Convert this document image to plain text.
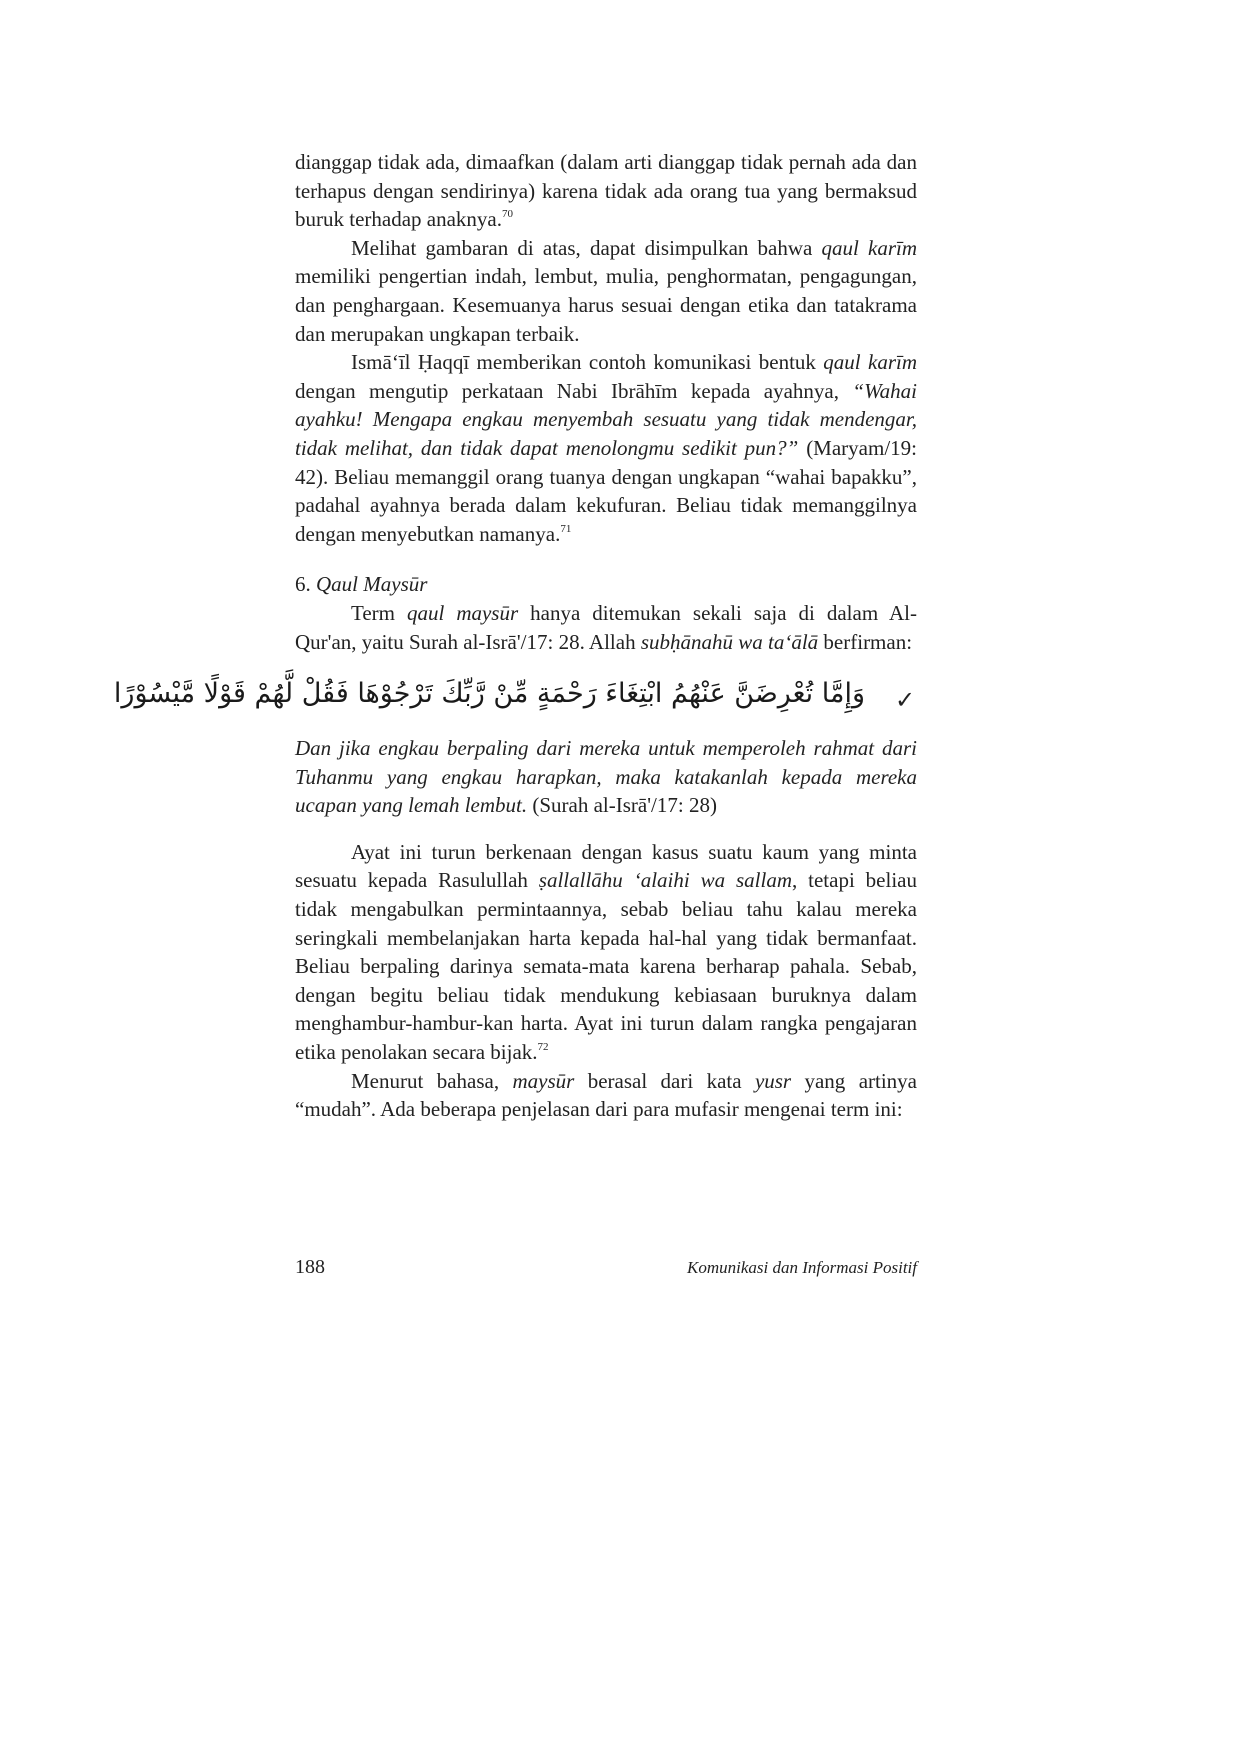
dianggap tidak ada, dimaafkan (dalam arti dianggap tidak pernah ada dan terhapus dengan sendirinya) karena tidak ada orang tua yang bermaksud buruk terhadap anaknya.$^{70}$

Melihat gambaran di atas, dapat disimpulkan bahwa qaul karīm memiliki pengertian indah, lembut, mulia, penghormatan, pengagungan, dan penghargaan. Kesemuanya harus sesuai dengan etika dan tatakrama dan merupakan ungkapan terbaik.

Ismā‘īl Ḥaqqī memberikan contoh komunikasi bentuk qaul karīm dengan mengutip perkataan Nabi Ibrāhīm kepada ayahnya, “Wahai ayahku! Mengapa engkau menyembah sesuatu yang tidak mendengar, tidak melihat, dan tidak dapat menolongmu sedikit pun?” (Maryam/19: 42). Beliau memanggil orang tuanya dengan ungkapan “wahai bapakku”, padahal ayahnya berada dalam kekufuran. Beliau tidak memanggilnya dengan menyebutkan namanya.$^{71}$

6. Qaul Maysūr

Term qaul maysūr hanya ditemukan sekali saja di dalam Al-Qur'an, yaitu Surah al-Isrā'/17: 28. Allah subḥānahū wa ta‘ālā berfirman:

وَإِمَّا تُعْرِضَنَّ عَنْهُمُ ابْتِغَاءَ رَحْمَةٍ مِّنْ رَّبِّكَ تَرْجُوْهَا فَقُلْ لَّهُمْ قَوْلًا مَّيْسُوْرًا ✓

Dan jika engkau berpaling dari mereka untuk memperoleh rahmat dari Tuhanmu yang engkau harapkan, maka katakanlah kepada mereka ucapan yang lemah lembut. (Surah al-Isrā'/17: 28)

Ayat ini turun berkenaan dengan kasus suatu kaum yang minta sesuatu kepada Rasulullah ṣallallāhu ‘alaihi wa sallam, tetapi beliau tidak mengabulkan permintaannya, sebab beliau tahu kalau mereka seringkali membelanjakan harta kepada hal-hal yang tidak bermanfaat. Beliau berpaling darinya semata-mata karena berharap pahala. Sebab, dengan begitu beliau tidak mendukung kebiasaan buruknya dalam menghambur-hambur-kan harta. Ayat ini turun dalam rangka pengajaran etika penolakan secara bijak.$^{72}$

Menurut bahasa, maysūr berasal dari kata yusr yang artinya “mudah”. Ada beberapa penjelasan dari para mufasir mengenai term ini:

188	Komunikasi dan Informasi Positif
